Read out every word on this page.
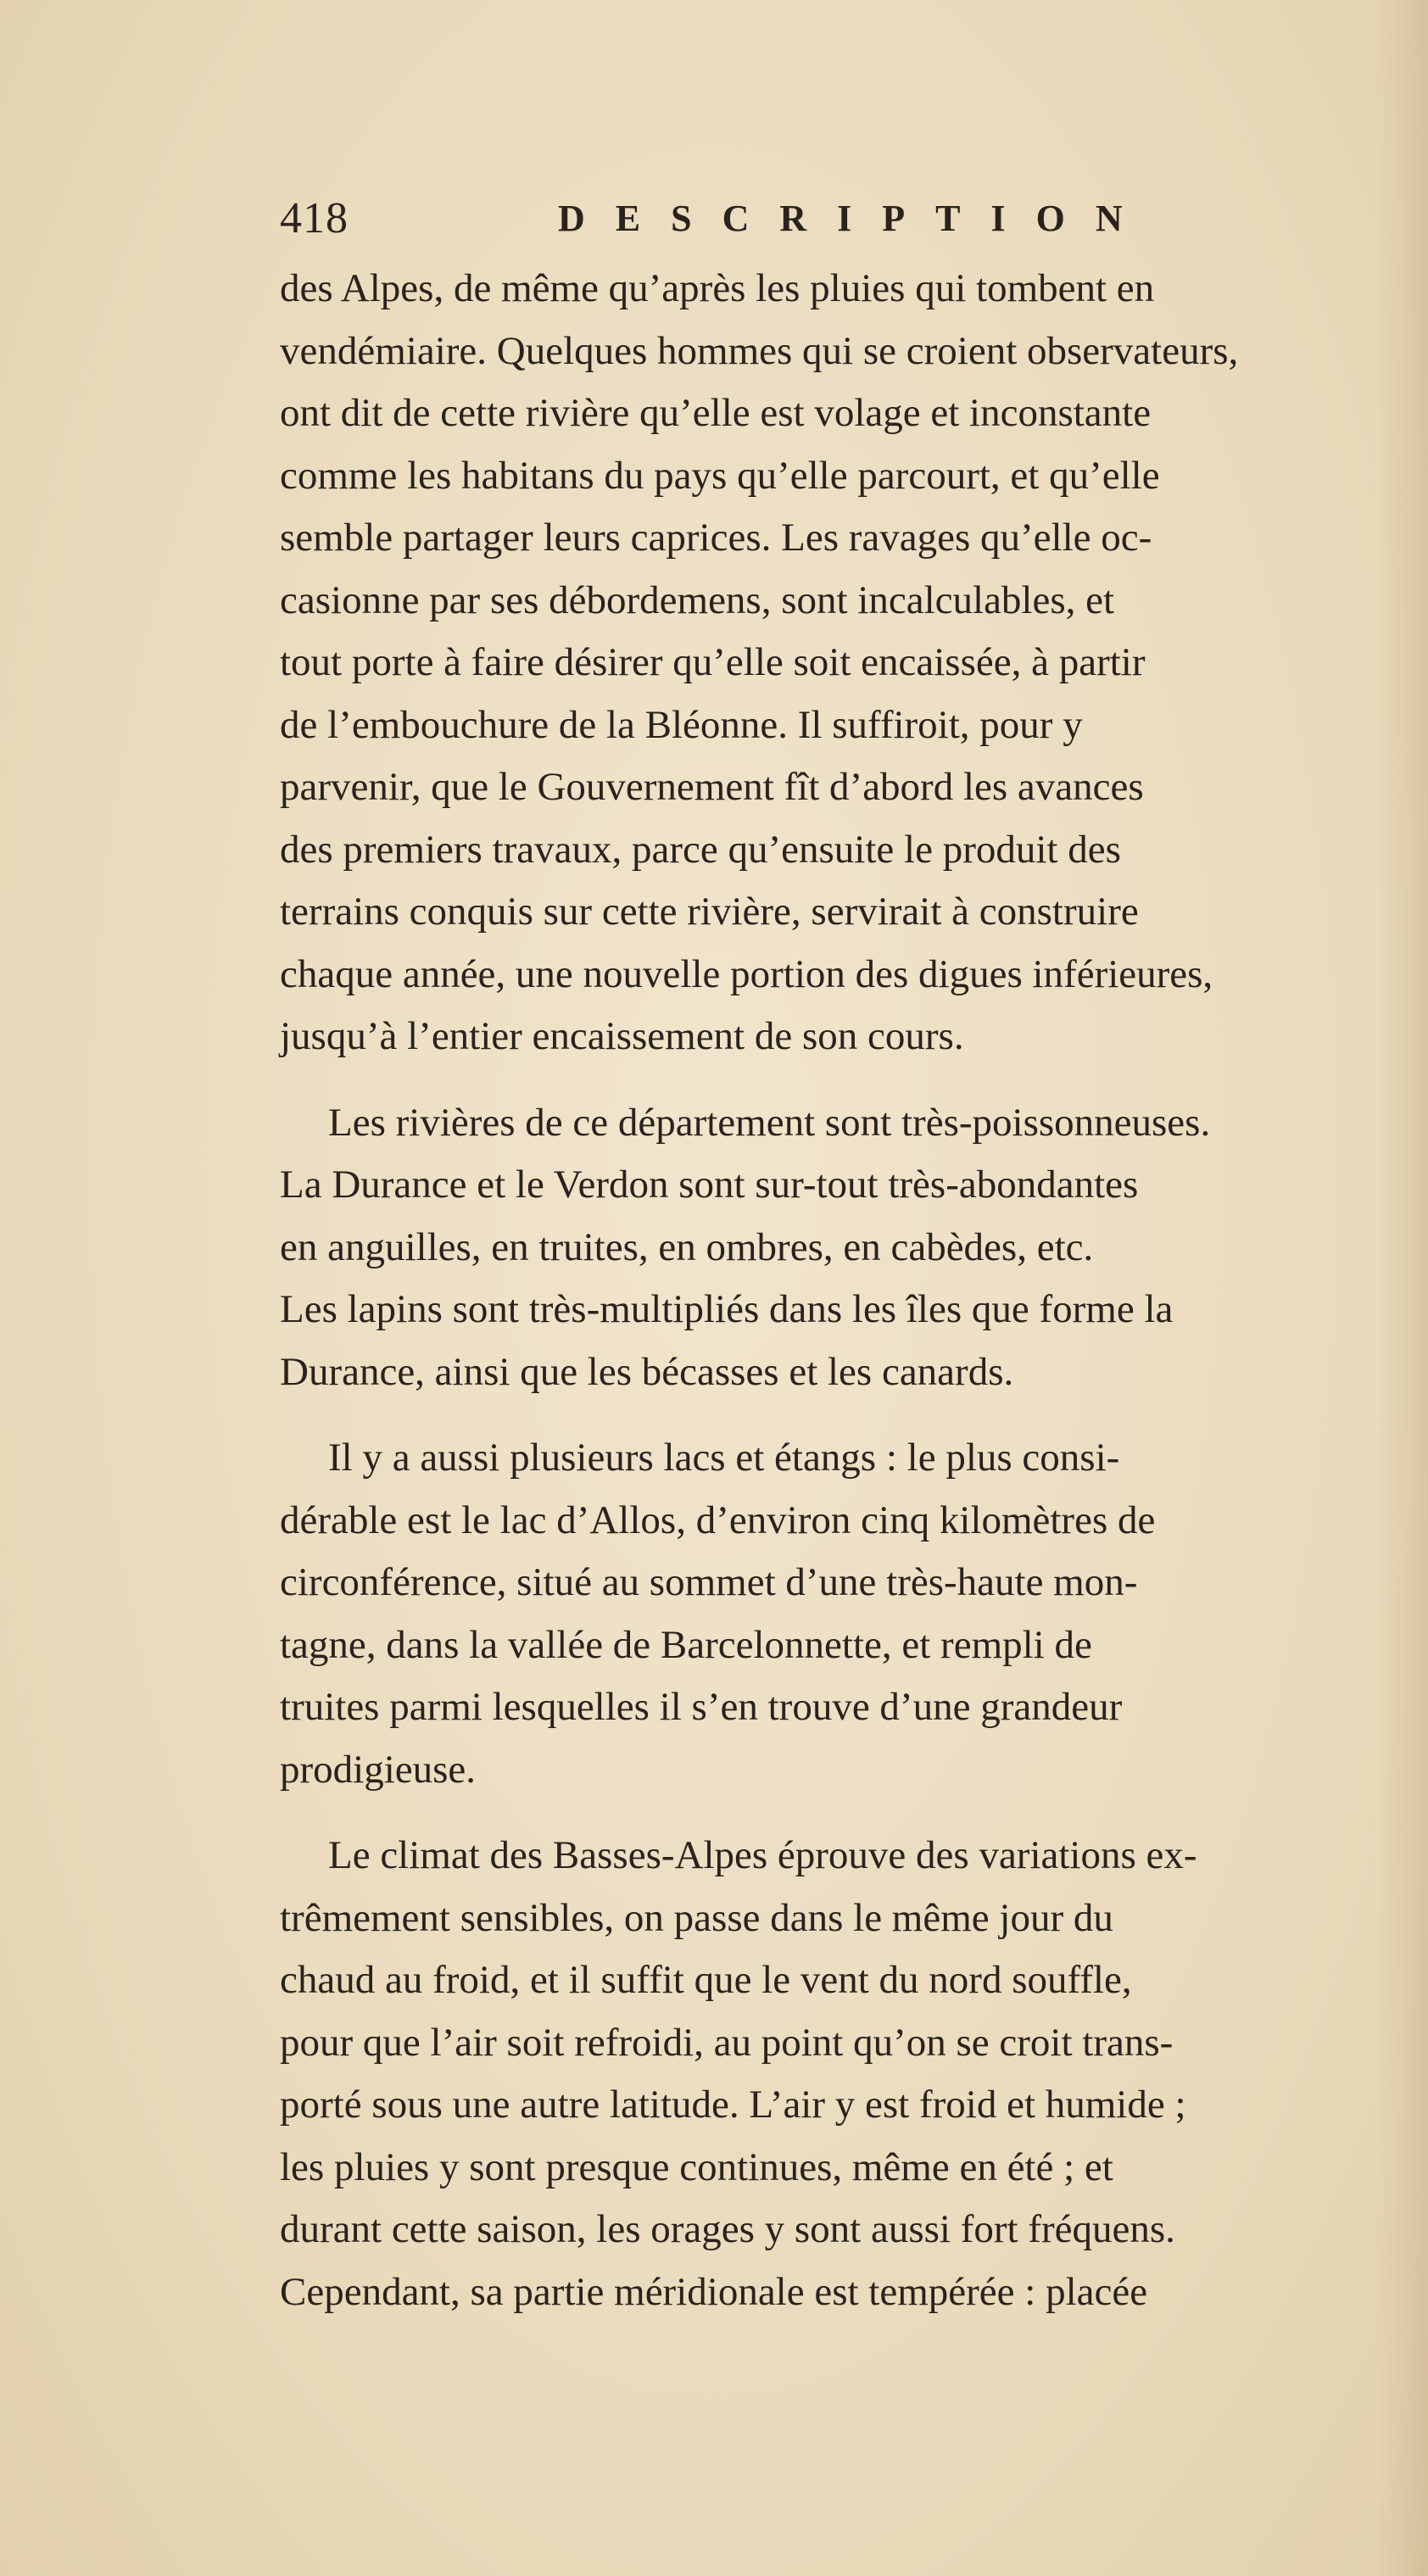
418	DESCRIPTION
des Alpes, de même qu’après les pluies qui tombent en
vendémiaire. Quelques hommes qui se croient observateurs,
ont dit de cette rivière qu’elle est volage et inconstante
comme les habitans du pays qu’elle parcourt, et qu’elle
semble partager leurs caprices. Les ravages qu’elle oc-
casionne par ses débordemens, sont incalculables, et
tout porte à faire désirer qu’elle soit encaissée, à partir
de l’embouchure de la Bléonne. Il suffiroit, pour y
parvenir, que le Gouvernement fît d’abord les avances
des premiers travaux, parce qu’ensuite le produit des
terrains conquis sur cette rivière, servirait à construire
chaque année, une nouvelle portion des digues inférieures,
jusqu’à l’entier encaissement de son cours.
Les rivières de ce département sont très-poissonneuses.
La Durance et le Verdon sont sur-tout très-abondantes
en anguilles, en truites, en ombres, en cabèdes, etc.
Les lapins sont très-multipliés dans les îles que forme la
Durance, ainsi que les bécasses et les canards.
Il y a aussi plusieurs lacs et étangs : le plus consi-
dérable est le lac d’Allos, d’environ cinq kilomètres de
circonférence, situé au sommet d’une très-haute mon-
tagne, dans la vallée de Barcelonnette, et rempli de
truites parmi lesquelles il s’en trouve d’une grandeur
prodigieuse.
Le climat des Basses-Alpes éprouve des variations ex-
trêmement sensibles, on passe dans le même jour du
chaud au froid, et il suffit que le vent du nord souffle,
pour que l’air soit refroidi, au point qu’on se croit trans-
porté sous une autre latitude. L’air y est froid et humide ;
les pluies y sont presque continues, même en été ; et
durant cette saison, les orages y sont aussi fort fréquens.
Cependant, sa partie méridionale est tempérée : placée
